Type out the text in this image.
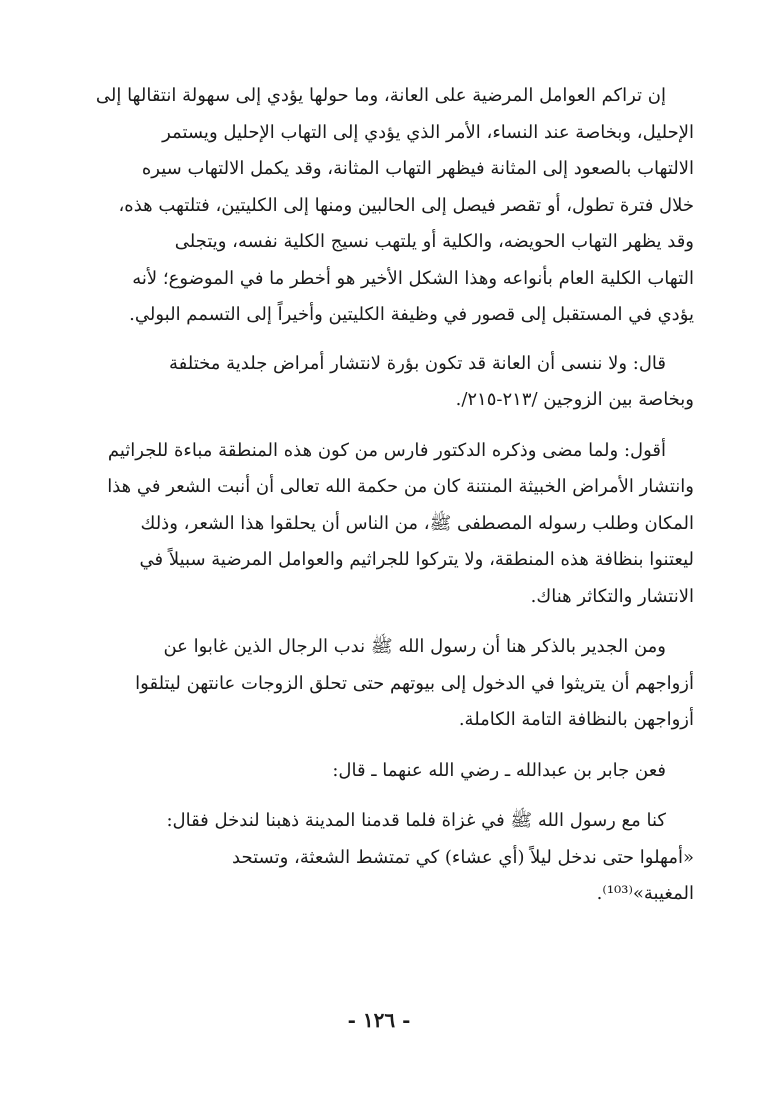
إن تراكم العوامل المرضية على العانة، وما حولها يؤدي إلى سهولة انتقالها إلى
الإحليل، وبخاصة عند النساء، الأمر الذي يؤدي إلى التهاب الإحليل ويستمر
الالتهاب بالصعود إلى المثانة فيظهر التهاب المثانة، وقد يكمل الالتهاب سيره
خلال فترة تطول، أو تقصر فيصل إلى الحالبين ومنها إلى الكليتين، فتلتهب هذه،
وقد يظهر التهاب الحويضه، والكلية أو يلتهب نسيج الكلية نفسه، ويتجلى
التهاب الكلية العام بأنواعه وهذا الشكل الأخير هو أخطر ما في الموضوع؛ لأنه
يؤدي في المستقبل إلى قصور في وظيفة الكليتين وأخيراً إلى التسمم البولي.

قال: ولا ننسى أن العانة قد تكون بؤرة لانتشار أمراض جلدية مختلفة
وبخاصة بين الزوجين /٢١٣-٢١٥/.

أقول: ولما مضى وذكره الدكتور فارس من كون هذه المنطقة مباءة للجراثيم
وانتشار الأمراض الخبيثة المنتنة كان من حكمة الله تعالى أن أنبت الشعر في هذا
المكان وطلب رسوله المصطفى ﷺ، من الناس أن يحلقوا هذا الشعر، وذلك
ليعتنوا بنظافة هذه المنطقة، ولا يتركوا للجراثيم والعوامل المرضية سبيلاً في
الانتشار والتكاثر هناك.

ومن الجدير بالذكر هنا أن رسول الله ﷺ ندب الرجال الذين غابوا عن
أزواجهم أن يتريثوا في الدخول إلى بيوتهم حتى تحلق الزوجات عانتهن ليتلقوا
أزواجهن بالنظافة التامة الكاملة.

فعن جابر بن عبدالله ـ رضي الله عنهما ـ قال:

كنا مع رسول الله ﷺ في غزاة فلما قدمنا المدينة ذهبنا لندخل فقال:
«أمهلوا حتى ندخل ليلاً (أي عشاء) كي تمتشط الشعثة، وتستحد
المغيبة»⁽¹⁰³⁾.

- ١٢٦ -
